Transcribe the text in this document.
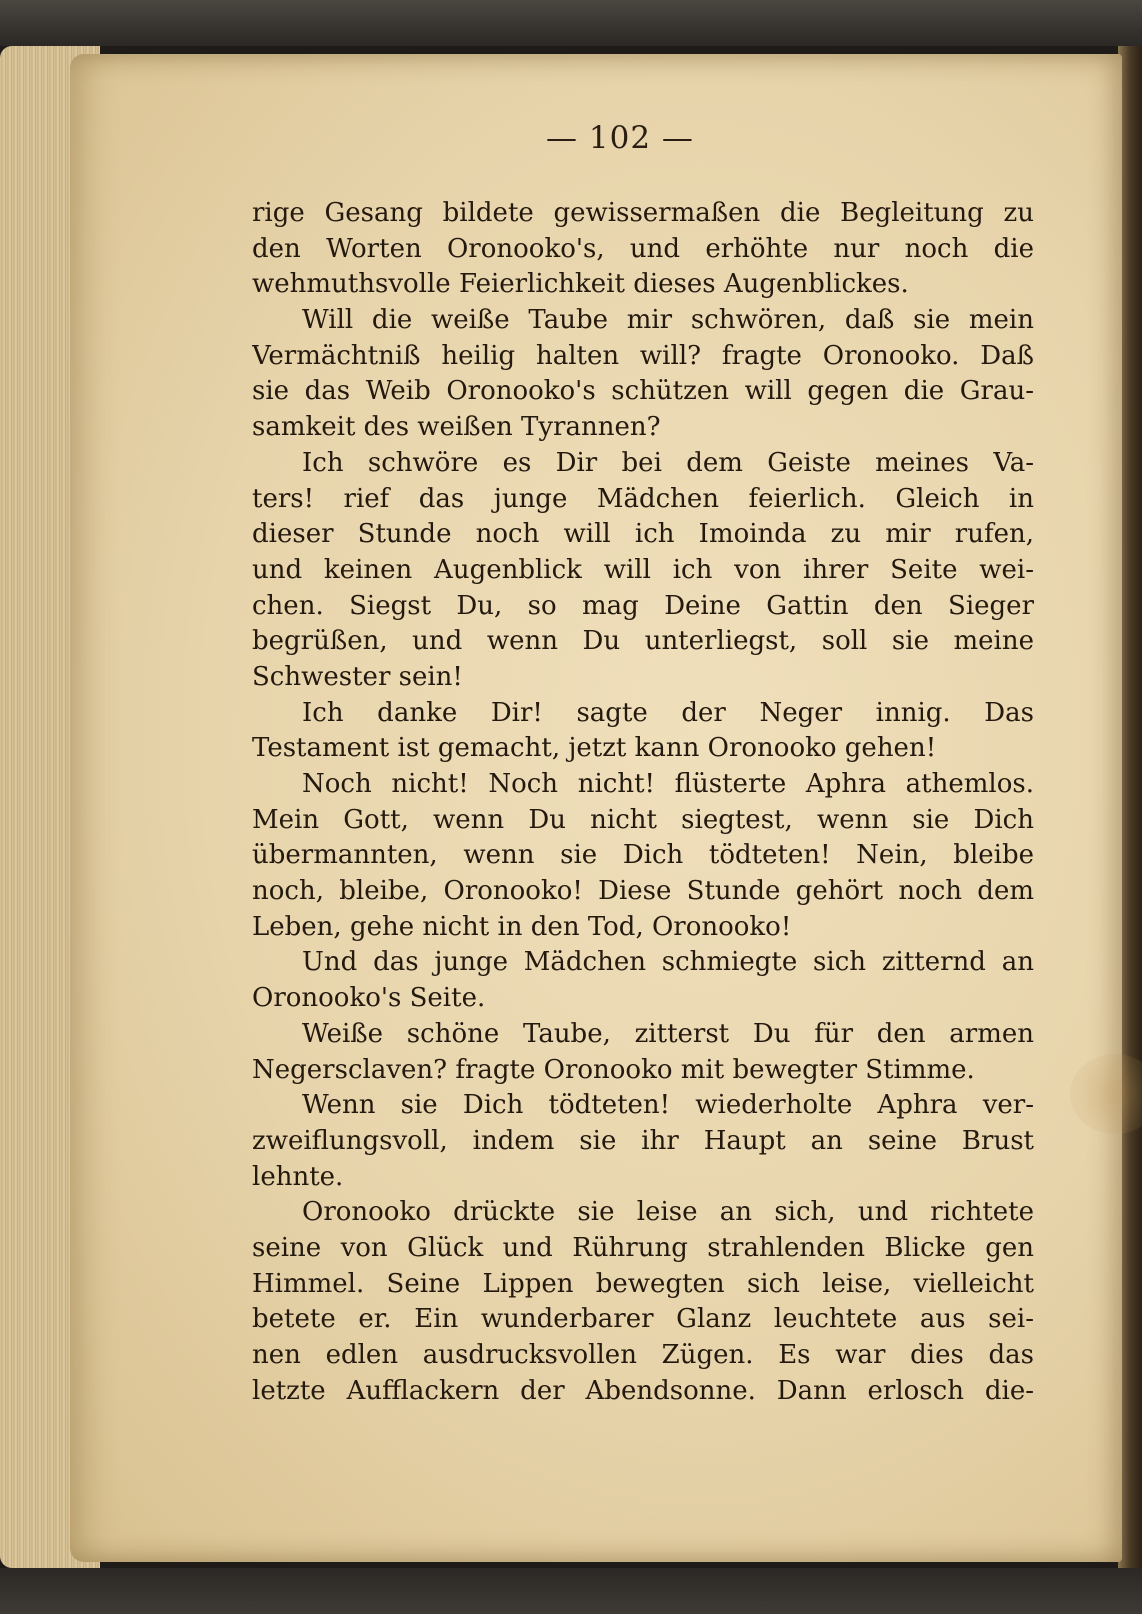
— 102 —
rige Gesang bildete gewissermaßen die Begleitung zu
den Worten Oronooko's, und erhöhte nur noch die
wehmuthsvolle Feierlichkeit dieses Augenblickes.
Will die weiße Taube mir schwören, daß sie mein
Vermächtniß heilig halten will? fragte Oronooko. Daß
sie das Weib Oronooko's schützen will gegen die Grau-
samkeit des weißen Tyrannen?
Ich schwöre es Dir bei dem Geiste meines Va-
ters! rief das junge Mädchen feierlich. Gleich in
dieser Stunde noch will ich Imoinda zu mir rufen,
und keinen Augenblick will ich von ihrer Seite wei-
chen. Siegst Du, so mag Deine Gattin den Sieger
begrüßen, und wenn Du unterliegst, soll sie meine
Schwester sein!
Ich danke Dir! sagte der Neger innig. Das
Testament ist gemacht, jetzt kann Oronooko gehen!
Noch nicht! Noch nicht! flüsterte Aphra athemlos.
Mein Gott, wenn Du nicht siegtest, wenn sie Dich
übermannten, wenn sie Dich tödteten! Nein, bleibe
noch, bleibe, Oronooko! Diese Stunde gehört noch dem
Leben, gehe nicht in den Tod, Oronooko!
Und das junge Mädchen schmiegte sich zitternd an
Oronooko's Seite.
Weiße schöne Taube, zitterst Du für den armen
Negersclaven? fragte Oronooko mit bewegter Stimme.
Wenn sie Dich tödteten! wiederholte Aphra ver-
zweiflungsvoll, indem sie ihr Haupt an seine Brust
lehnte.
Oronooko drückte sie leise an sich, und richtete
seine von Glück und Rührung strahlenden Blicke gen
Himmel. Seine Lippen bewegten sich leise, vielleicht
betete er. Ein wunderbarer Glanz leuchtete aus sei-
nen edlen ausdrucksvollen Zügen. Es war dies das
letzte Aufflackern der Abendsonne. Dann erlosch die-
